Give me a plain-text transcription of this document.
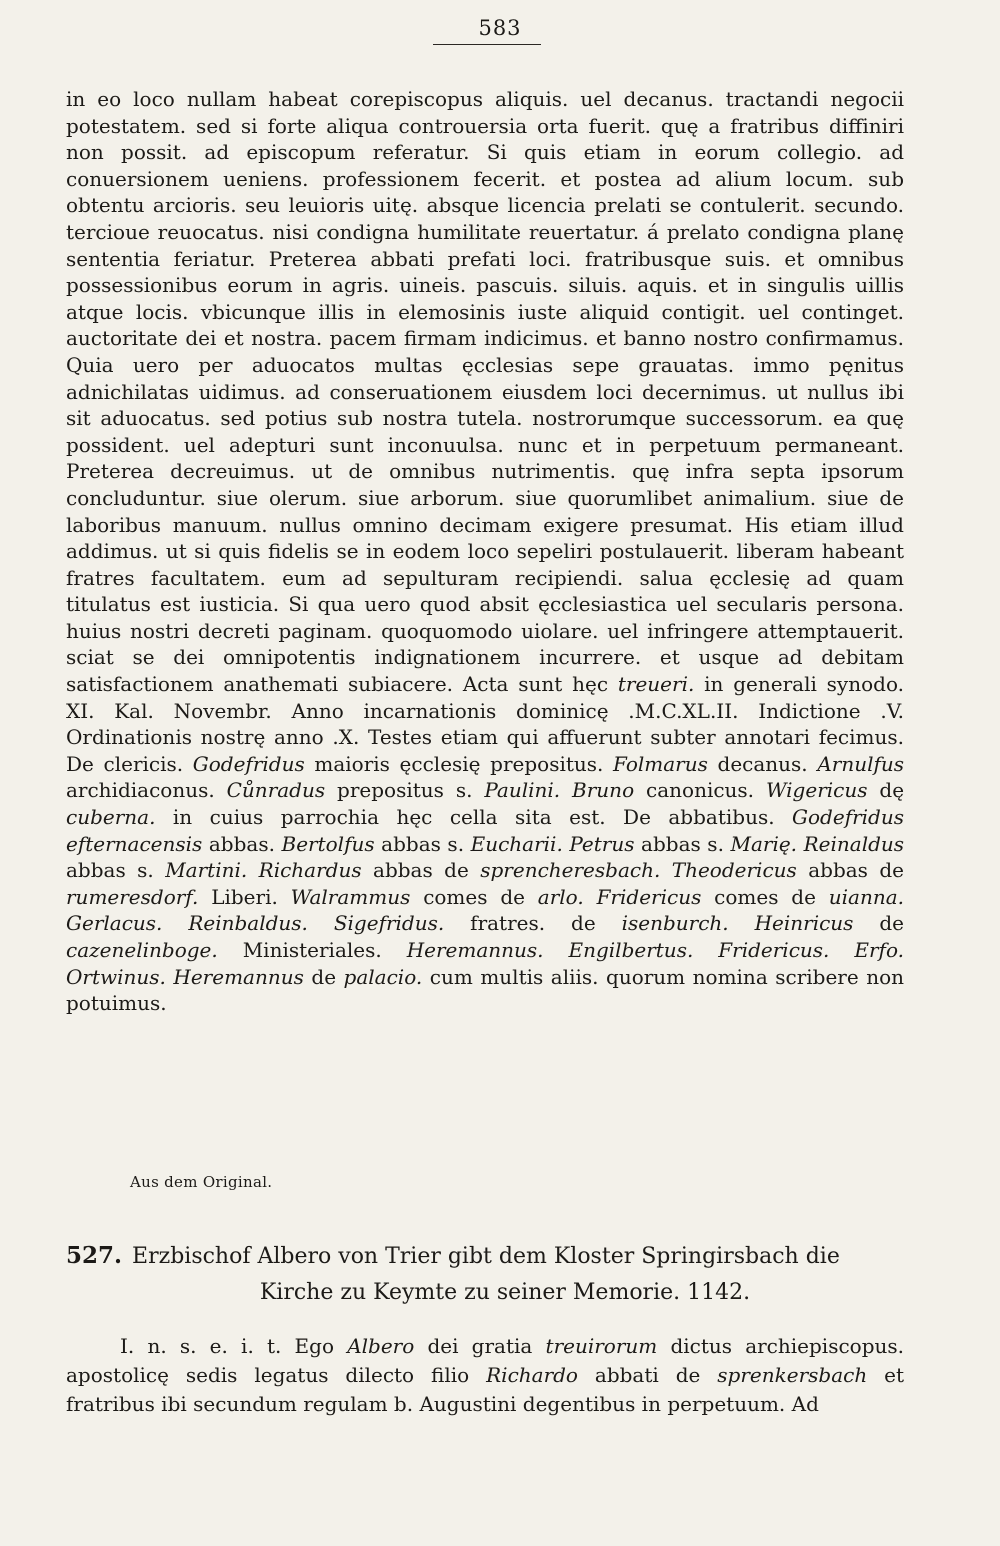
583

in eo loco nullam habeat corepiscopus aliquis. uel decanus. tractandi negocii potestatem. sed si forte aliqua controuersia orta fuerit. quę a fratribus diffiniri non possit. ad episcopum referatur. Si quis etiam in eorum collegio. ad conuersionem ueniens. professionem fecerit. et postea ad alium locum. sub obtentu arcioris. seu leuioris uitę. absque licencia prelati se contulerit. secundo. tercioue reuocatus. nisi condigna humilitate reuertatur. á prelato condigna planę sententia feriatur. Preterea abbati prefati loci. fratribusque suis. et omnibus possessionibus eorum in agris. uineis. pascuis. siluis. aquis. et in singulis uillis atque locis. vbicunque illis in elemosinis iuste aliquid contigit. uel continget. auctoritate dei et nostra. pacem firmam indicimus. et banno nostro confirmamus. Quia uero per aduocatos multas ęcclesias sepe grauatas. immo pęnitus adnichilatas uidimus. ad conseruationem eiusdem loci decernimus. ut nullus ibi sit aduocatus. sed potius sub nostra tutela. nostrorumque successorum. ea quę possident. uel adepturi sunt inconuulsa. nunc et in perpetuum permaneant. Preterea decreuimus. ut de omnibus nutrimentis. quę infra septa ipsorum concluduntur. siue olerum. siue arborum. siue quorumlibet animalium. siue de laboribus manuum. nullus omnino decimam exigere presumat. His etiam illud addimus. ut si quis fidelis se in eodem loco sepeliri postulauerit. liberam habeant fratres facultatem. eum ad sepulturam recipiendi. salua ęcclesię ad quam titulatus est iusticia. Si qua uero quod absit ęcclesiastica uel secularis persona. huius nostri decreti paginam. quoquomodo uiolare. uel infringere attemptauerit. sciat se dei omnipotentis indignationem incurrere. et usque ad debitam satisfactionem anathemati subiacere. Acta sunt hęc treueri. in generali synodo. XI. Kal. Novembr. Anno incarnationis dominicę .M.C.XL.II. Indictione .V. Ordinationis nostrę anno .X. Testes etiam qui affuerunt subter annotari fecimus. De clericis. Godefridus maioris ęcclesię prepositus. Folmarus decanus. Arnulfus archidiaconus. Cůnradus prepositus s. Paulini. Bruno canonicus. Wigericus dę cuberna. in cuius parrochia hęc cella sita est. De abbatibus. Godefridus efternacensis abbas. Bertolfus abbas s. Eucharii. Petrus abbas s. Marię. Reinaldus abbas s. Martini. Richardus abbas de sprencheresbach. Theodericus abbas de rumeresdorf. Liberi. Walrammus comes de arlo. Fridericus comes de uianna. Gerlacus. Reinbaldus. Sigefridus. fratres. de isenburch. Heinricus de cazenelinboge. Ministeriales. Heremannus. Engilbertus. Fridericus. Erfo. Ortwinus. Heremannus de palacio. cum multis aliis. quorum nomina scribere non potuimus.

Aus dem Original.

527. Erzbischof Albero von Trier gibt dem Kloster Springirsbach die
Kirche zu Keymte zu seiner Memorie. 1142.

I. n. s. e. i. t. Ego Albero dei gratia treuirorum dictus archiepiscopus. apostolicę sedis legatus dilecto filio Richardo abbati de sprenkersbach et fratribus ibi secundum regulam b. Augustini degentibus in perpetuum. Ad
